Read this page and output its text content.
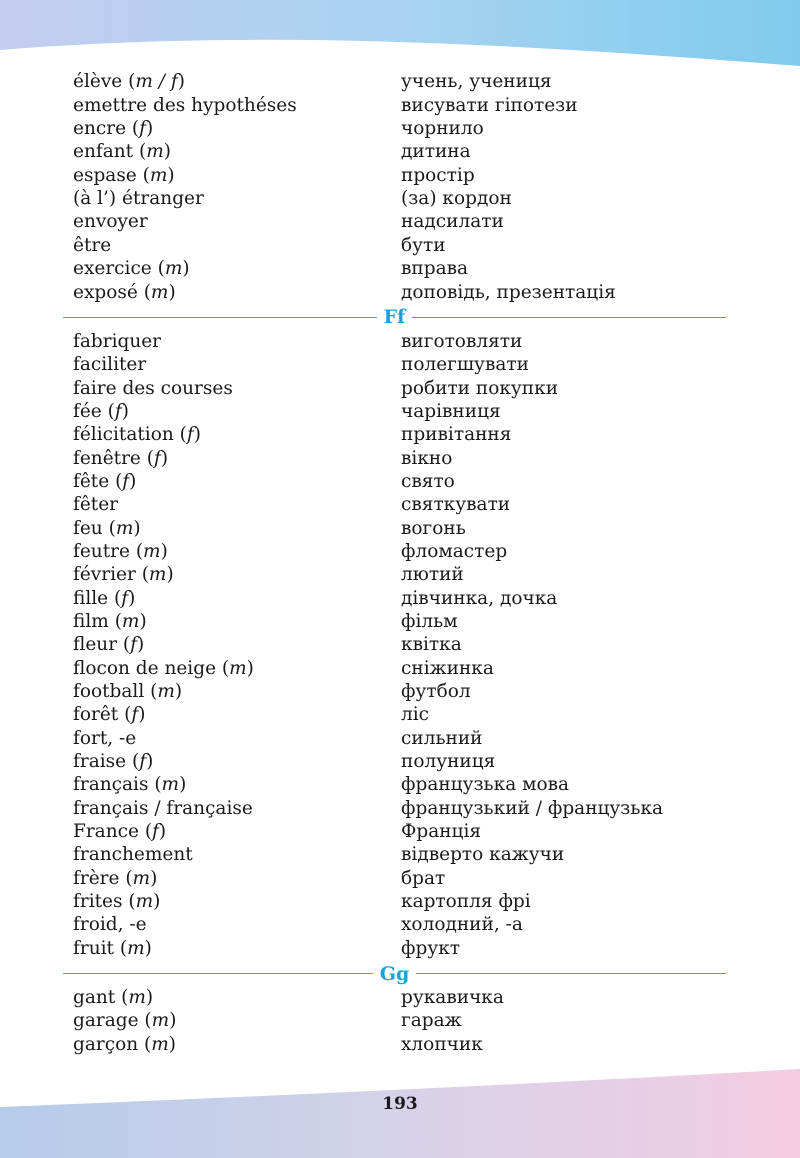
élève (m / f)	учень, учениця
emettre des hypothéses	висувати гіпотези
encre (f)	чорнило
enfant (m)	дитина
espase (m)	простір
(à l’) étranger	(за) кордон
envoyer	надсилати
être	бути
exercice (m)	вправа
exposé (m)	доповідь, презентація
Ff
fabriquer	виготовляти
faciliter	полегшувати
faire des courses	робити покупки
fée (f)	чарівниця
félicitation (f)	привітання
fenêtre (f)	вікно
fête (f)	свято
fêter	святкувати
feu (m)	вогонь
feutre (m)	фломастер
février (m)	лютий
fille (f)	дівчинка, дочка
film (m)	фільм
fleur (f)	квітка
flocon de neige (m)	сніжинка
football (m)	футбол
forêt (f)	ліс
fort, -e	сильний
fraise (f)	полуниця
français (m)	французька мова
français / française	французький / французька
France (f)	Франція
franchement	відверто кажучи
frère (m)	брат
frites (m)	картопля фрі
froid, -e	холодний, -а
fruit (m)	фрукт
Gg
gant (m)	рукавичка
garage (m)	гараж
garçon (m)	хлопчик
193
